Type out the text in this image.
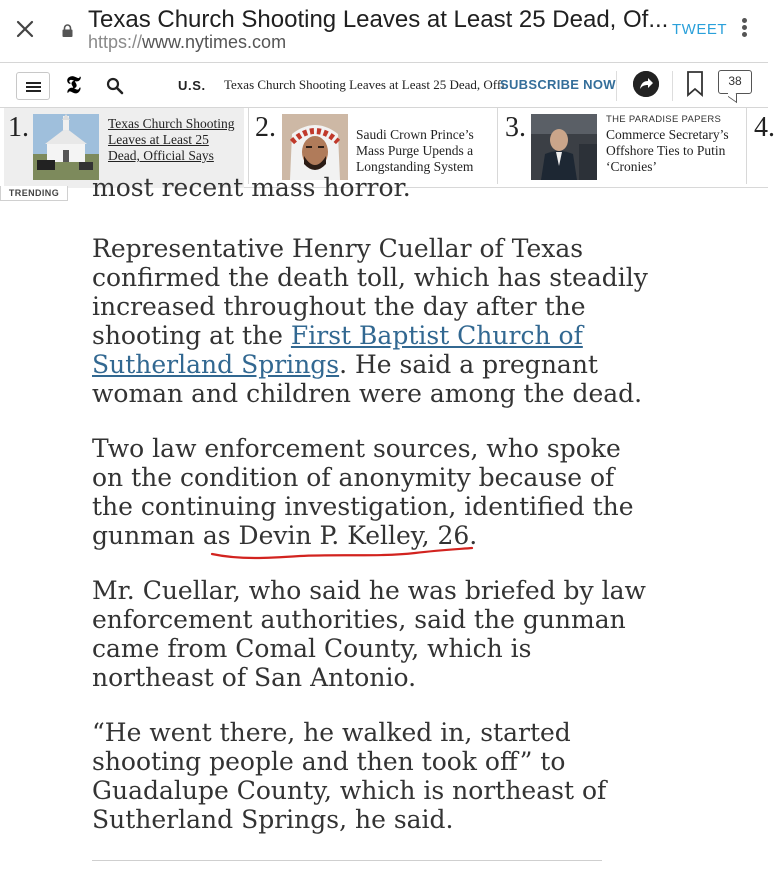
Texas Church Shooting Leaves at Least 25 Dead, Of...
https://www.nytimes.com
TWEET
𝕿	U.S. Texas Church Shooting Leaves at Least 25 Dead, Offi
SUBSCRIBE NOW	38
1.	Texas Church Shooting Leaves at Least 25 Dead, Official Says
2.	Saudi Crown Prince’s Mass Purge Upends a Longstanding System
3.	THE PARADISE PAPERS
Commerce Secretary’s Offshore Ties to Putin ‘Cronies’
4.
TRENDING	most recent mass horror.

Representative Henry Cuellar of Texas confirmed the death toll, which has steadily increased throughout the day after the shooting at the First Baptist Church of Sutherland Springs. He said a pregnant woman and children were among the dead.

Two law enforcement sources, who spoke on the condition of anonymity because of the continuing investigation, identified the gunman as Devin P. Kelley, 26.

Mr. Cuellar, who said he was briefed by law enforcement authorities, said the gunman came from Comal County, which is northeast of San Antonio.

“He went there, he walked in, started shooting people and then took off” to Guadalupe County, which is northeast of Sutherland Springs, he said.
